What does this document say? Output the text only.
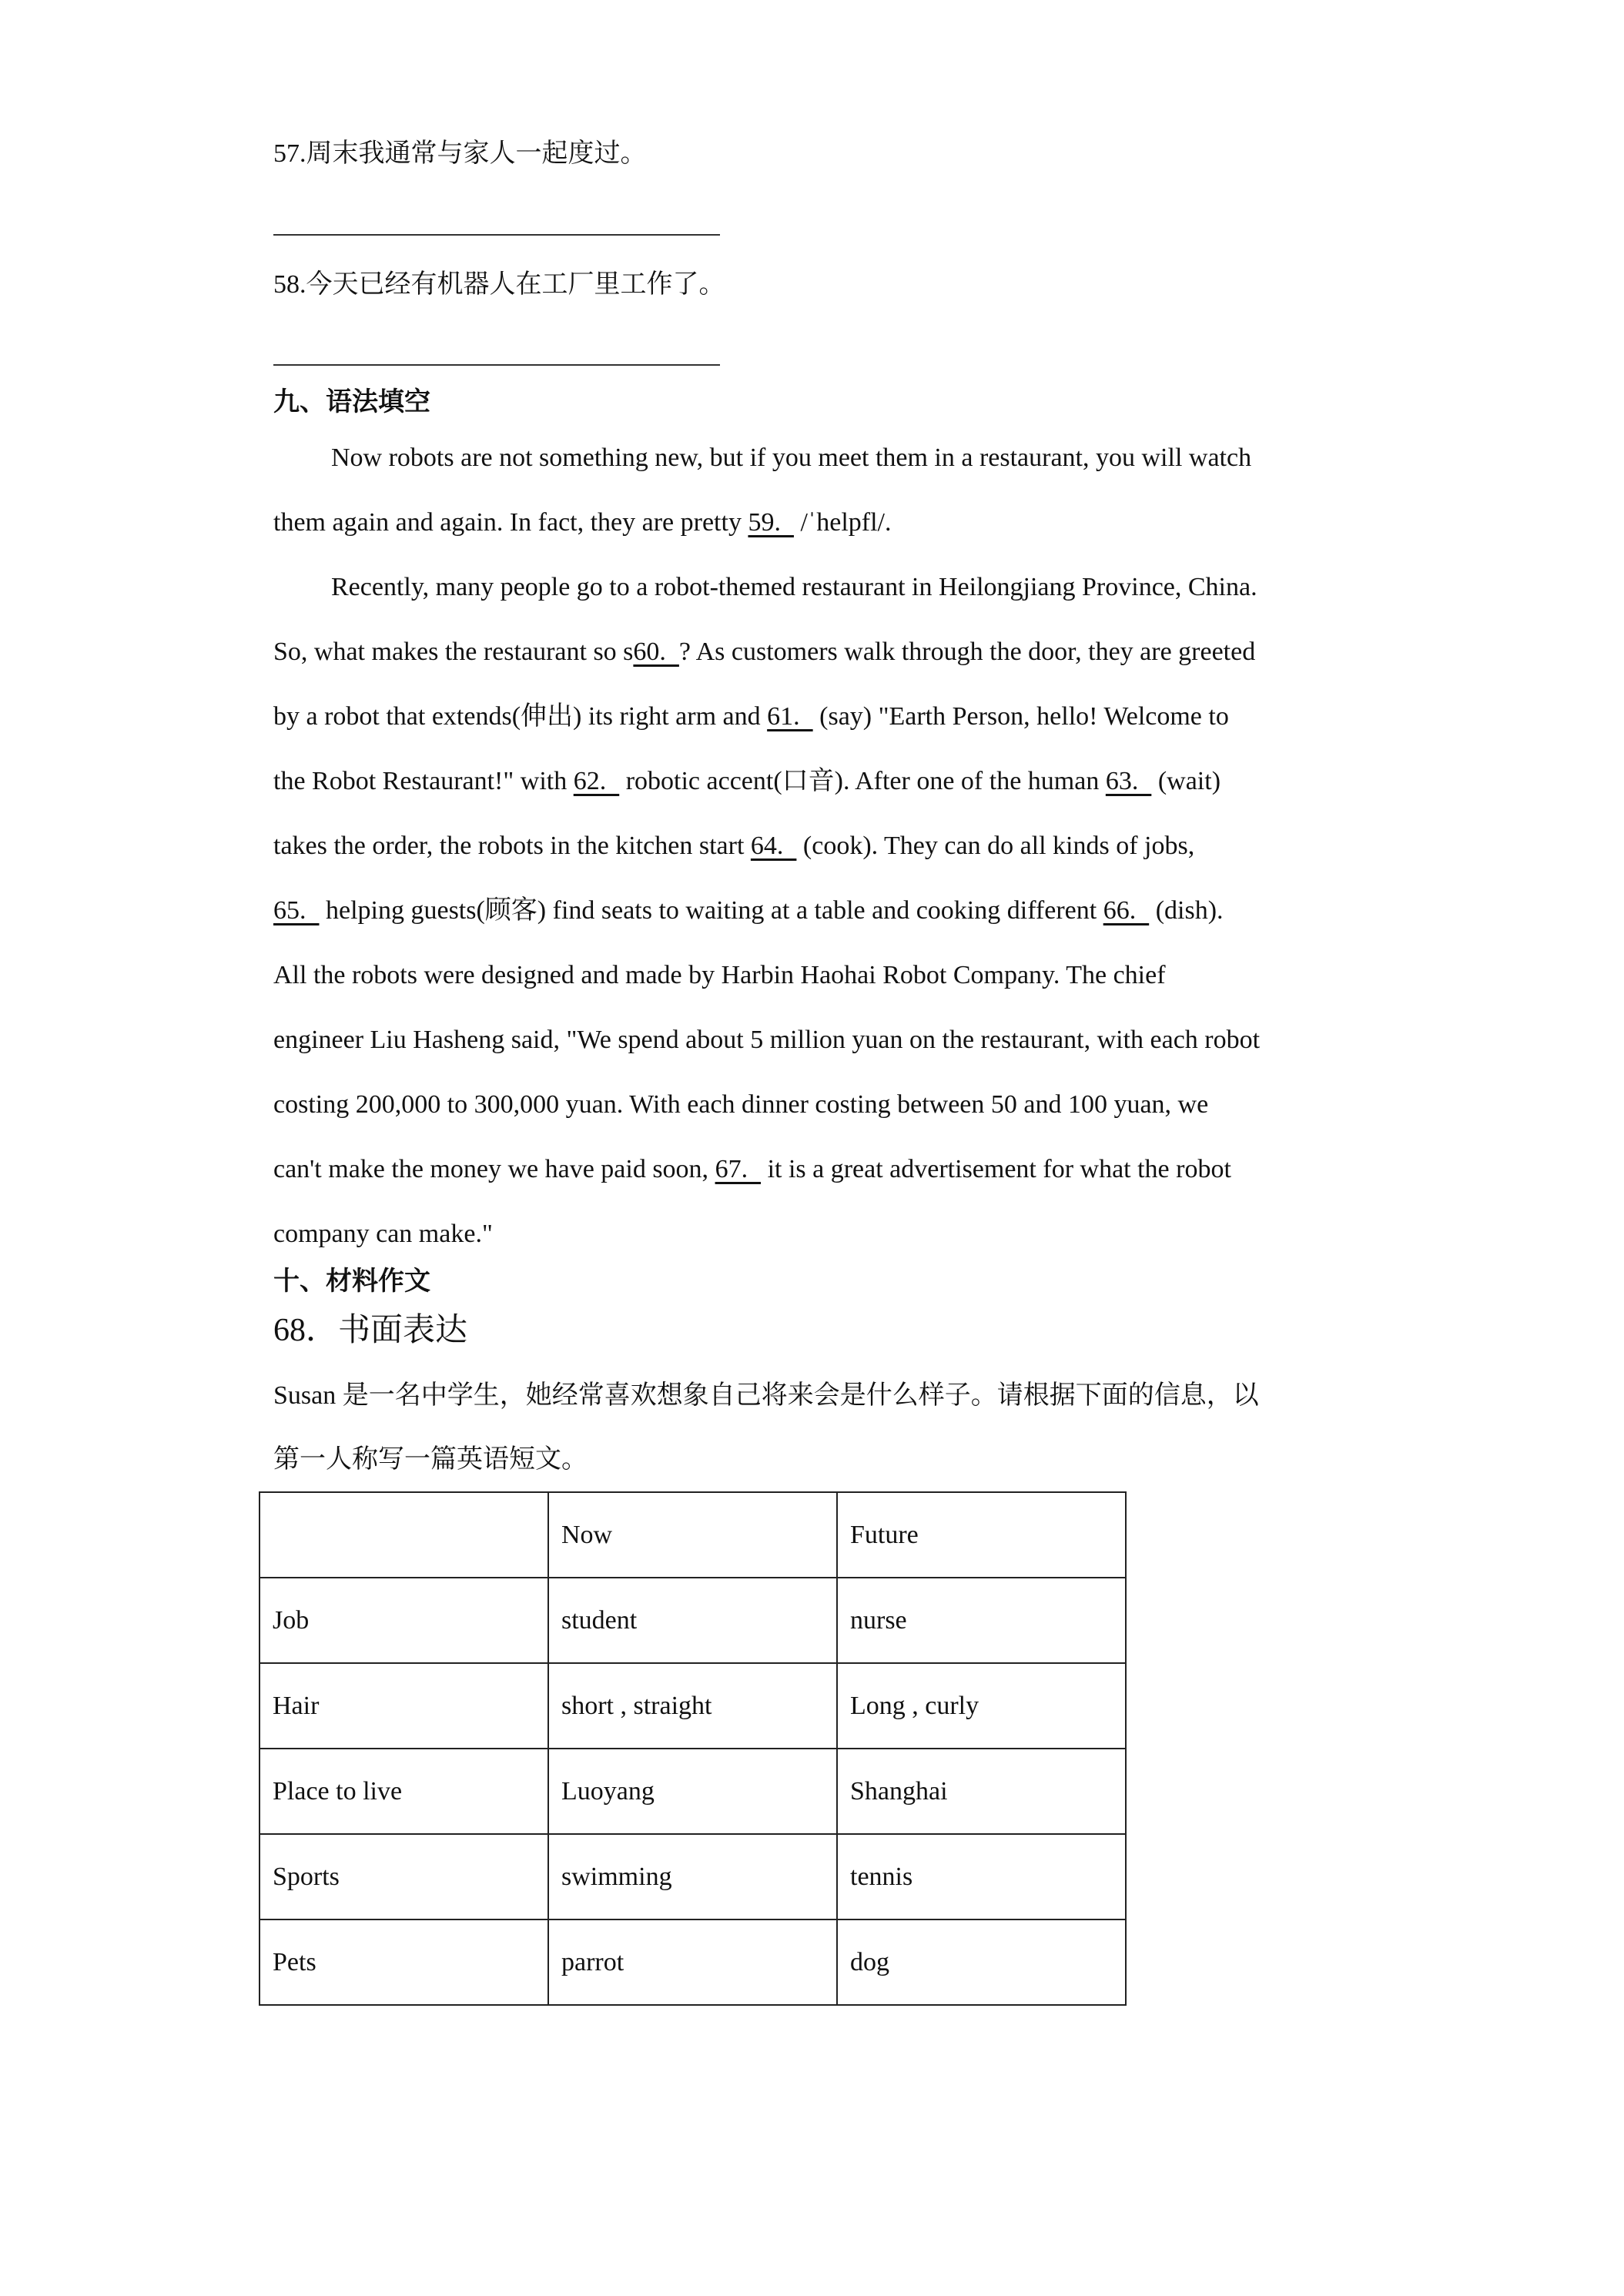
57.周末我通常与家人一起度过。
58.今天已经有机器人在工厂里工作了。
九、语法填空
Now robots are not something new, but if you meet them in a restaurant, you will watch
them again and again. In fact, they are pretty 59.   /ˈhelpfl/.
Recently, many people go to a robot-themed restaurant in Heilongjiang Province, China.
So, what makes the restaurant so s60.  ? As customers walk through the door, they are greeted
by a robot that extends(伸出) its right arm and 61.   (say) "Earth Person, hello! Welcome to
the Robot Restaurant!" with 62.   robotic accent(口音). After one of the human 63.   (wait)
takes the order, the robots in the kitchen start 64.   (cook). They can do all kinds of jobs,
65.   helping guests(顾客) find seats to waiting at a table and cooking different 66.   (dish).
All the robots were designed and made by Harbin Haohai Robot Company. The chief
engineer Liu Hasheng said, "We spend about 5 million yuan on the restaurant, with each robot
costing 200,000 to 300,000 yuan. With each dinner costing between 50 and 100 yuan, we
can't make the money we have paid soon, 67.   it is a great advertisement for what the robot
company can make."
十、材料作文
68．书面表达
Susan 是一名中学生，她经常喜欢想象自己将来会是什么样子。请根据下面的信息，以
第一人称写一篇英语短文。
	Now	Future
Job	student	nurse
Hair	short , straight	Long , curly
Place to live	Luoyang	Shanghai
Sports	swimming	tennis
Pets	parrot	dog
